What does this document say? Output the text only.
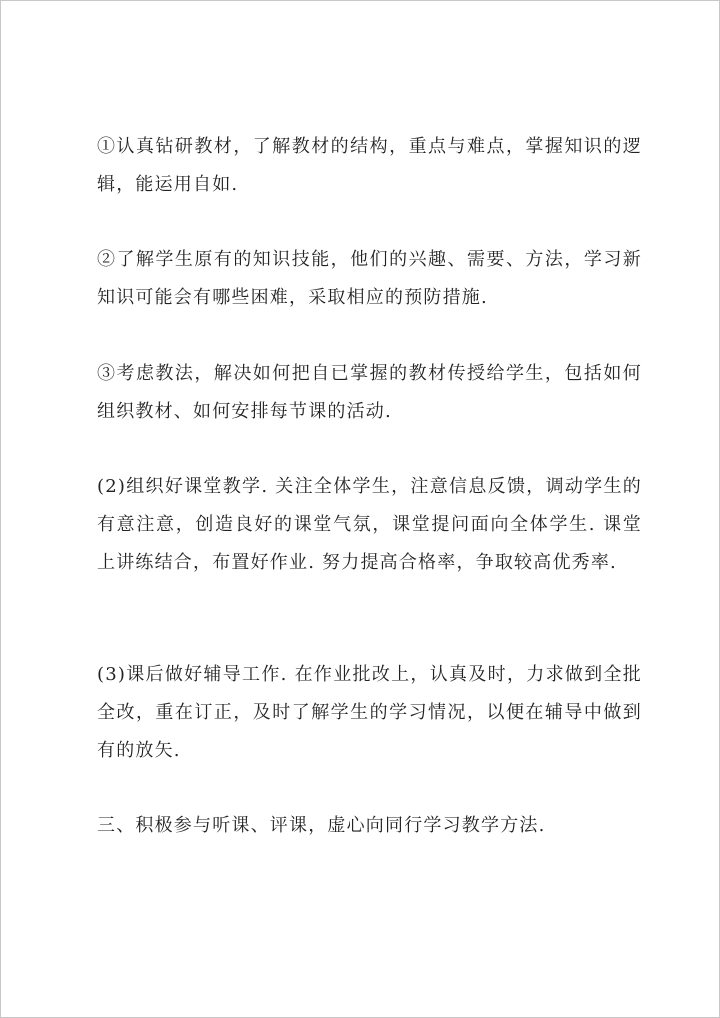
①认真钻研教材，了解教材的结构，重点与难点，掌握知识的逻辑，能运用自如.

②了解学生原有的知识技能，他们的兴趣、需要、方法，学习新知识可能会有哪些困难，采取相应的预防措施.

③考虑教法，解决如何把自已掌握的教材传授给学生，包括如何组织教材、如何安排每节课的活动.

(2)组织好课堂教学. 关注全体学生，注意信息反馈，调动学生的有意注意，创造良好的课堂气氛，课堂提问面向全体学生. 课堂上讲练结合，布置好作业. 努力提高合格率，争取较高优秀率.

(3)课后做好辅导工作. 在作业批改上，认真及时，力求做到全批全改，重在订正，及时了解学生的学习情况，以便在辅导中做到有的放矢.

三、积极参与听课、评课，虚心向同行学习教学方法.
